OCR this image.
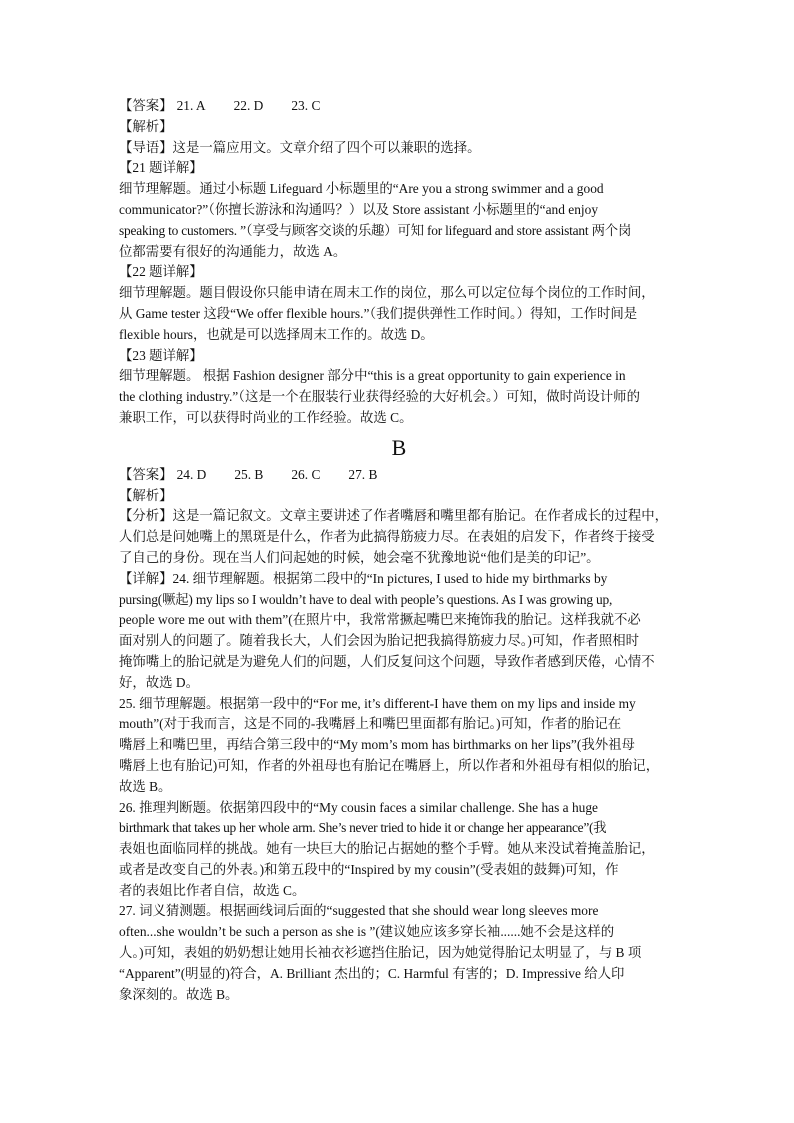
【答案】 21. A 22. D 23. C
【解析】
【导语】这是一篇应用文。文章介绍了四个可以兼职的选择。
【21 题详解】
细节理解题。通过小标题 Lifeguard 小标题里的“Are you a strong swimmer and a good
communicator?”（你擅长游泳和沟通吗？）以及 Store assistant 小标题里的“and enjoy
speaking to customers. ”（享受与顾客交谈的乐趣）可知 for lifeguard and store assistant 两个岗
位都需要有很好的沟通能力，故选 A。
【22 题详解】
细节理解题。题目假设你只能申请在周末工作的岗位，那么可以定位每个岗位的工作时间，
从 Game tester 这段“We offer flexible hours.”（我们提供弹性工作时间。）得知，工作时间是
flexible hours，也就是可以选择周末工作的。故选 D。
【23 题详解】
细节理解题。 根据 Fashion designer 部分中“this is a great opportunity to gain experience in
the clothing industry.”（这是一个在服装行业获得经验的大好机会。）可知，做时尚设计师的
兼职工作，可以获得时尚业的工作经验。故选 C。
B
【答案】 24. D 25. B 26. C 27. B
【解析】
【分析】这是一篇记叙文。文章主要讲述了作者嘴唇和嘴里都有胎记。在作者成长的过程中，
人们总是问她嘴上的黑斑是什么，作者为此搞得筋疲力尽。在表姐的启发下，作者终于接受
了自己的身份。现在当人们问起她的时候，她会毫不犹豫地说“他们是美的印记”。
【详解】24. 细节理解题。根据第二段中的“In pictures, I used to hide my birthmarks by
pursing(噘起) my lips so I wouldn’t have to deal with people’s questions. As I was growing up,
people wore me out with them”(在照片中，我常常撅起嘴巴来掩饰我的胎记。这样我就不必
面对别人的问题了。随着我长大，人们会因为胎记把我搞得筋疲力尽。)可知，作者照相时
掩饰嘴上的胎记就是为避免人们的问题，人们反复问这个问题，导致作者感到厌倦，心情不
好，故选 D。
25. 细节理解题。根据第一段中的“For me, it’s different-I have them on my lips and inside my
mouth”(对于我而言，这是不同的-我嘴唇上和嘴巴里面都有胎记。)可知，作者的胎记在
嘴唇上和嘴巴里，再结合第三段中的“My mom’s mom has birthmarks on her lips”(我外祖母
嘴唇上也有胎记)可知，作者的外祖母也有胎记在嘴唇上，所以作者和外祖母有相似的胎记，
故选 B。
26. 推理判断题。依据第四段中的“My cousin faces a similar challenge. She has a huge
birthmark that takes up her whole arm. She’s never tried to hide it or change her appearance”(我
表姐也面临同样的挑战。她有一块巨大的胎记占据她的整个手臂。她从来没试着掩盖胎记，
或者是改变自己的外表。)和第五段中的“Inspired by my cousin”(受表姐的鼓舞)可知，作
者的表姐比作者自信，故选 C。
27. 词义猜测题。根据画线词后面的“suggested that she should wear long sleeves more
often...she wouldn’t be such a person as she is ”(建议她应该多穿长袖......她不会是这样的
人。)可知，表姐的奶奶想让她用长袖衣衫遮挡住胎记，因为她觉得胎记太明显了，与 B 项
“Apparent”(明显的)符合，A. Brilliant 杰出的；C. Harmful 有害的；D. Impressive 给人印
象深刻的。故选 B。
